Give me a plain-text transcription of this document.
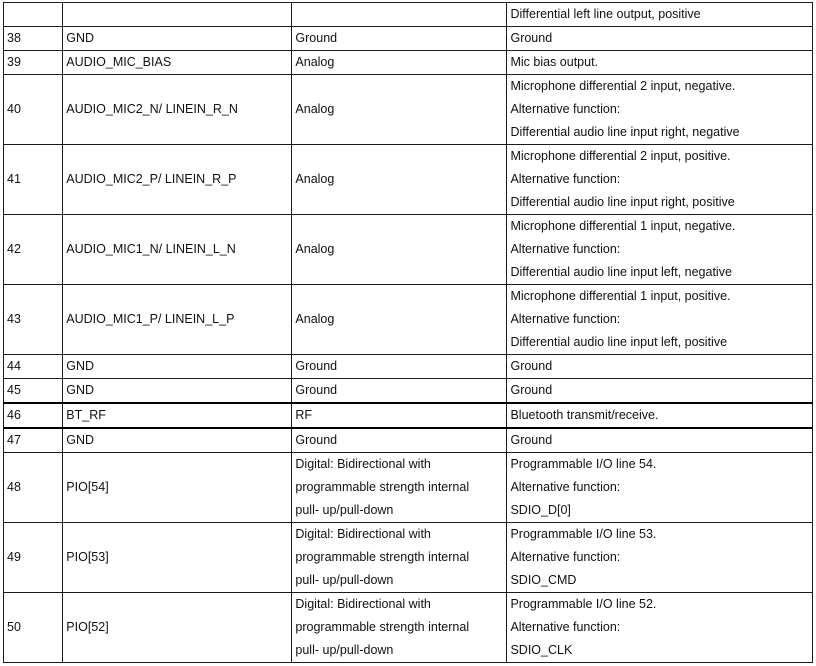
			Differential left line output, positive

38	GND	Ground	Ground

39	AUDIO_MIC_BIAS	Analog	Mic bias output.

40	AUDIO_MIC2_N/ LINEIN_R_N	Analog	Microphone differential 2 input, negative.
Alternative function:
Differential audio line input right, negative

41	AUDIO_MIC2_P/ LINEIN_R_P	Analog	Microphone differential 2 input, positive.
Alternative function:
Differential audio line input right, positive

42	AUDIO_MIC1_N/ LINEIN_L_N	Analog	Microphone differential 1 input, negative.
Alternative function:
Differential audio line input left, negative

43	AUDIO_MIC1_P/ LINEIN_L_P	Analog	Microphone differential 1 input, positive.
Alternative function:
Differential audio line input left, positive

44	GND	Ground	Ground

45	GND	Ground	Ground

46	BT_RF	RF	Bluetooth transmit/receive.

47	GND	Ground	Ground

48	PIO[54]	Digital: Bidirectional with
programmable strength internal
pull- up/pull-down	Programmable I/O line 54.
Alternative function:
SDIO_D[0]

49	PIO[53]	Digital: Bidirectional with
programmable strength internal
pull- up/pull-down	Programmable I/O line 53.
Alternative function:
SDIO_CMD

50	PIO[52]	Digital: Bidirectional with
programmable strength internal
pull- up/pull-down	Programmable I/O line 52.
Alternative function:
SDIO_CLK
